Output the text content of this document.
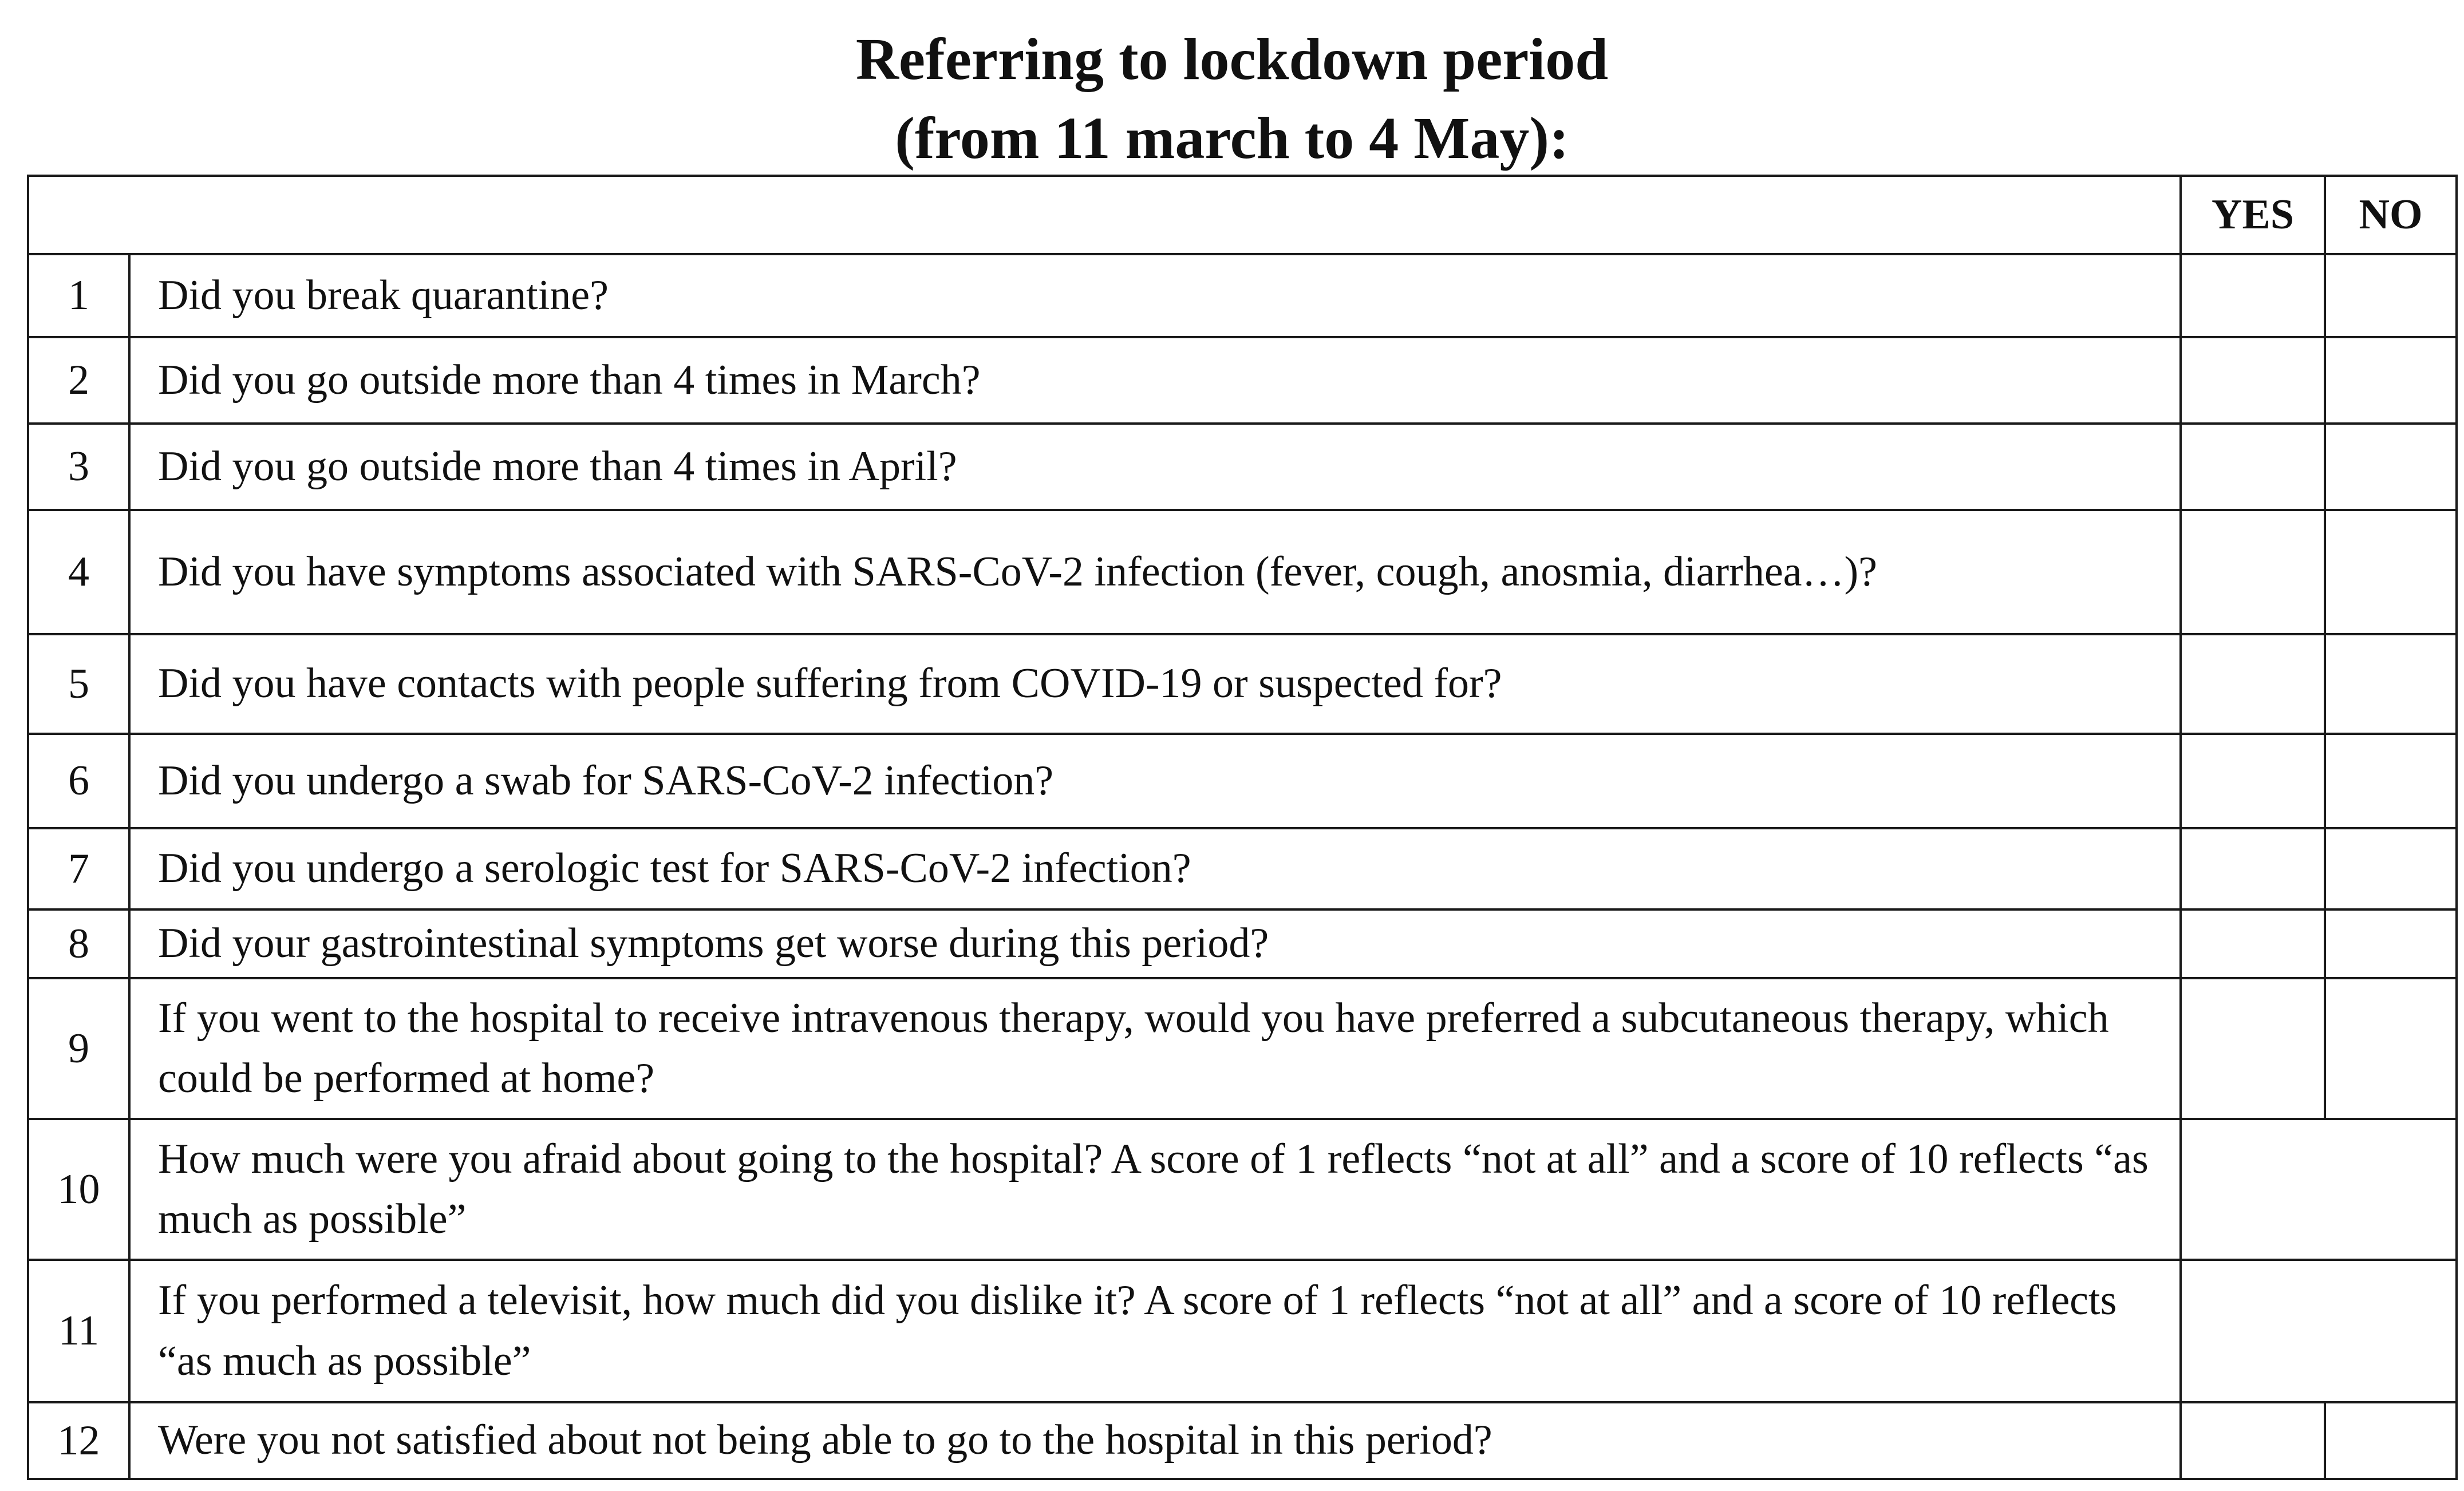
Referring to lockdown period
(from 11 march to 4 May):
		YES	NO
1	Did you break quarantine?		
2	Did you go outside more than 4 times in March?		
3	Did you go outside more than 4 times in April?		
4	Did you have symptoms associated with SARS-CoV-2 infection (fever, cough, anosmia, diarrhea…)?		
5	Did you have contacts with people suffering from COVID-19 or suspected for?		
6	Did you undergo a swab for SARS-CoV-2 infection?		
7	Did you undergo a serologic test for SARS-CoV-2 infection?		
8	Did your gastrointestinal symptoms get worse during this period?		
9	If you went to the hospital to receive intravenous therapy, would you have preferred a subcutaneous therapy, which could be performed at home?		
10	How much were you afraid about going to the hospital? A score of 1 reflects “not at all” and a score of 10 reflects “as much as possible”		
11	If you performed a televisit, how much did you dislike it? A score of 1 reflects “not at all” and a score of 10 reflects “as much as possible”		
12	Were you not satisfied about not being able to go to the hospital in this period?		
